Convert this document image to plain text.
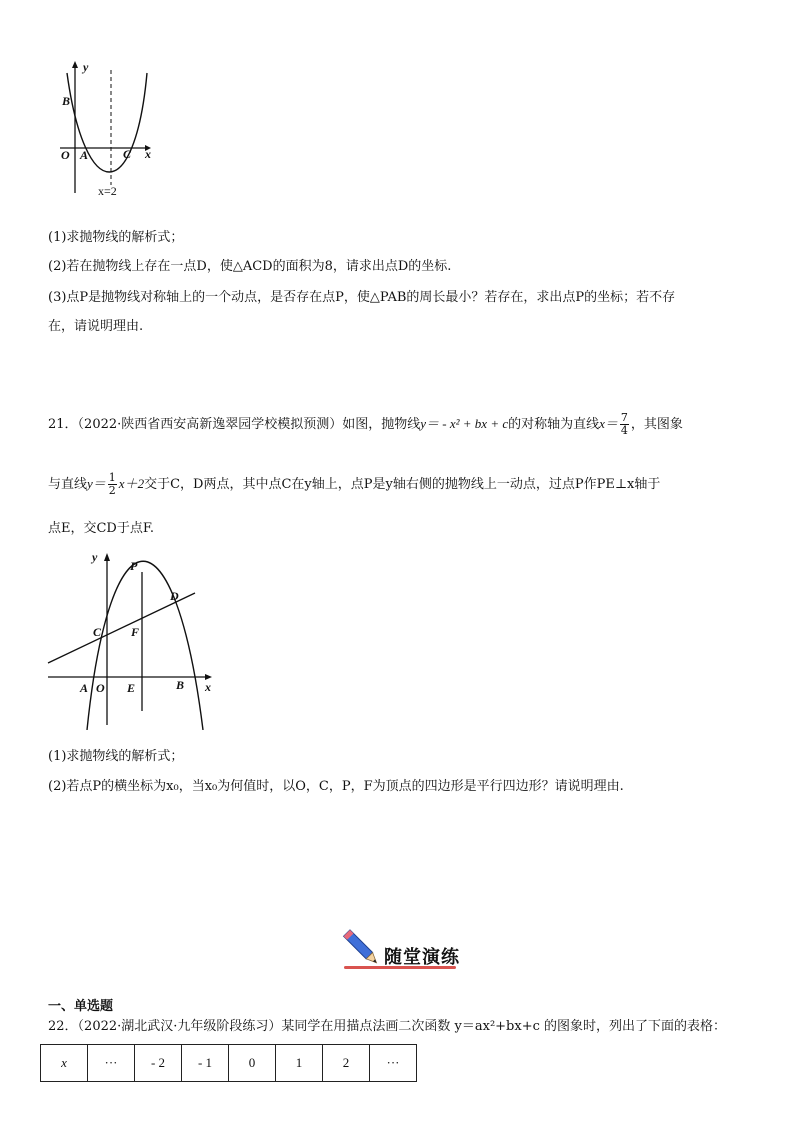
y
B
O A	C x
x=2
(1)求抛物线的解析式；
(2)若在抛物线上存在一点D，使△ACD的面积为8，请求出点D的坐标.
(3)点P是抛物线对称轴上的一个动点，是否存在点P，使△PAB的周长最小？若存在，求出点P的坐标；若不存
在，请说明理由.
21．（2022·陕西省西安高新逸翠园学校模拟预测）如图，抛物线y＝ - x² + bx + c的对称轴为直线$x= \frac{7}{4}$ ，其图象
与直线$y= \frac{1}{2} x+2$交于C，D两点，其中点C在y轴上，点P是y轴右侧的抛物线上一动点，过点P作PE⊥x轴于
点E，交CD于点F.
y
P
D
C F
A O E	B x
(1)求抛物线的解析式；
(2)若点P的横坐标为x₀，当x₀为何值时，以O，C，P，F为顶点的四边形是平行四边形？请说明理由.
随堂演练
一、单选题
22．（2022·湖北武汉·九年级阶段练习）某同学在用描点法画二次函数 y＝ax²+bx+c 的图象时，列出了下面的表格：
x	···	- 2	- 1	0	1	2	···
